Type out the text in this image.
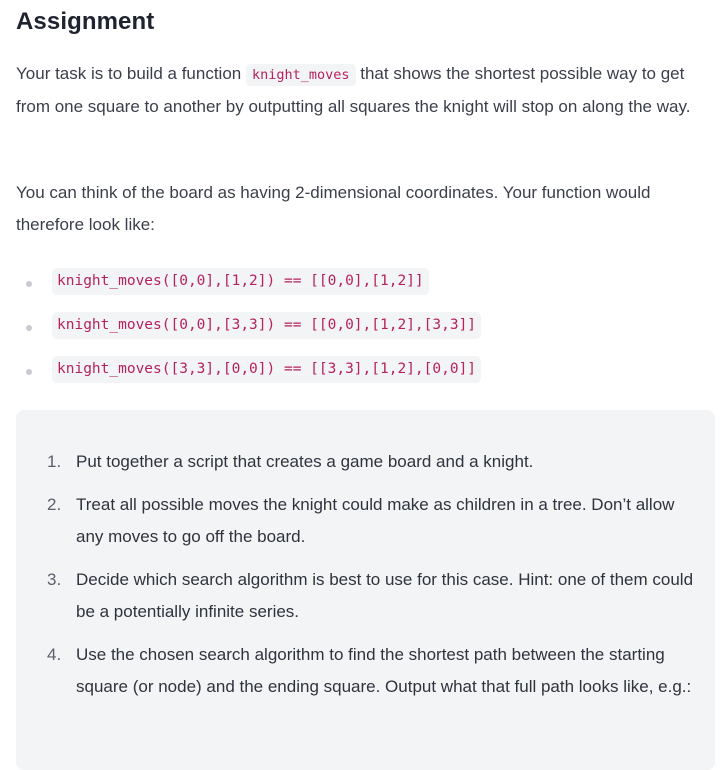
Assignment

Your task is to build a function knight_moves that shows the shortest possible way to get from one square to another by outputting all squares the knight will stop on along the way.

You can think of the board as having 2-dimensional coordinates. Your function would therefore look like:

knight_moves([0,0],[1,2]) == [[0,0],[1,2]]
knight_moves([0,0],[3,3]) == [[0,0],[1,2],[3,3]]
knight_moves([3,3],[0,0]) == [[3,3],[1,2],[0,0]]
1. Put together a script that creates a game board and a knight.
2. Treat all possible moves the knight could make as children in a tree. Don’t allow any moves to go off the board.
3. Decide which search algorithm is best to use for this case. Hint: one of them could be a potentially infinite series.
4. Use the chosen search algorithm to find the shortest path between the starting square (or node) and the ending square. Output what that full path looks like, e.g.:
